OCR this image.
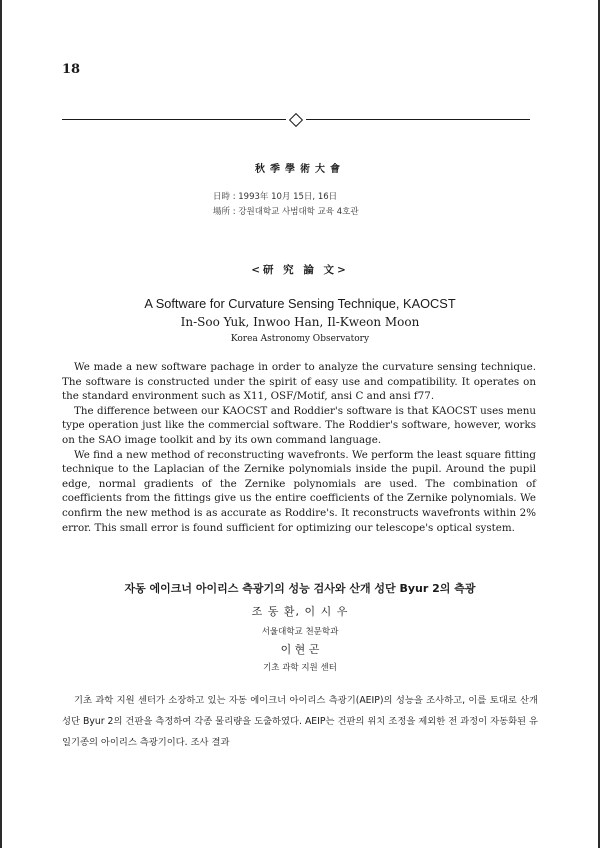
18
秋季學術大會
日時 : 1993年 10月 15日, 16日
場所 : 강원대학교 사범대학 교육 4호관
<研 究 論 文>
A Software for Curvature Sensing Technique, KAOCST
In-Soo Yuk, Inwoo Han, Il-Kweon Moon
Korea Astronomy Observatory

We made a new software pachage in order to analyze the curvature sensing technique. The software is constructed under the spirit of easy use and compatibility. It operates on the standard environment such as X11, OSF/Motif, ansi C and ansi f77.

The difference between our KAOCST and Roddier's software is that KAOCST uses menu type operation just like the commercial software. The Roddier's software, however, works on the SAO image toolkit and by its own command language.

We find a new method of reconstructing wavefronts. We perform the least square fitting technique to the Laplacian of the Zernike polynomials inside the pupil. Around the pupil edge, normal gradients of the Zernike polynomials are used. The combination of coefficients from the fittings give us the entire coefficients of the Zernike polynomials. We confirm the new method is as accurate as Roddire's. It reconstructs wavefronts within 2% error. This small error is found sufficient for optimizing our telescope's optical system.

자동 에이크너 아이리스 측광기의 성능 검사와 산개 성단 Byur 2의 측광
조 동 환, 이 시 우
서울대학교 천문학과
이 현 곤
기초 과학 지원 센터

기초 과학 지원 센터가 소장하고 있는 자동 에이크너 아이리스 측광기(AEIP)의 성능을 조사하고, 이를 토대로 산개 성단 Byur 2의 건판을 측정하여 각종 물리량을 도출하였다. AEIP는 건판의 위치 조정을 제외한 전 과정이 자동화된 유일기종의 아이리스 측광기이다. 조사 결과
